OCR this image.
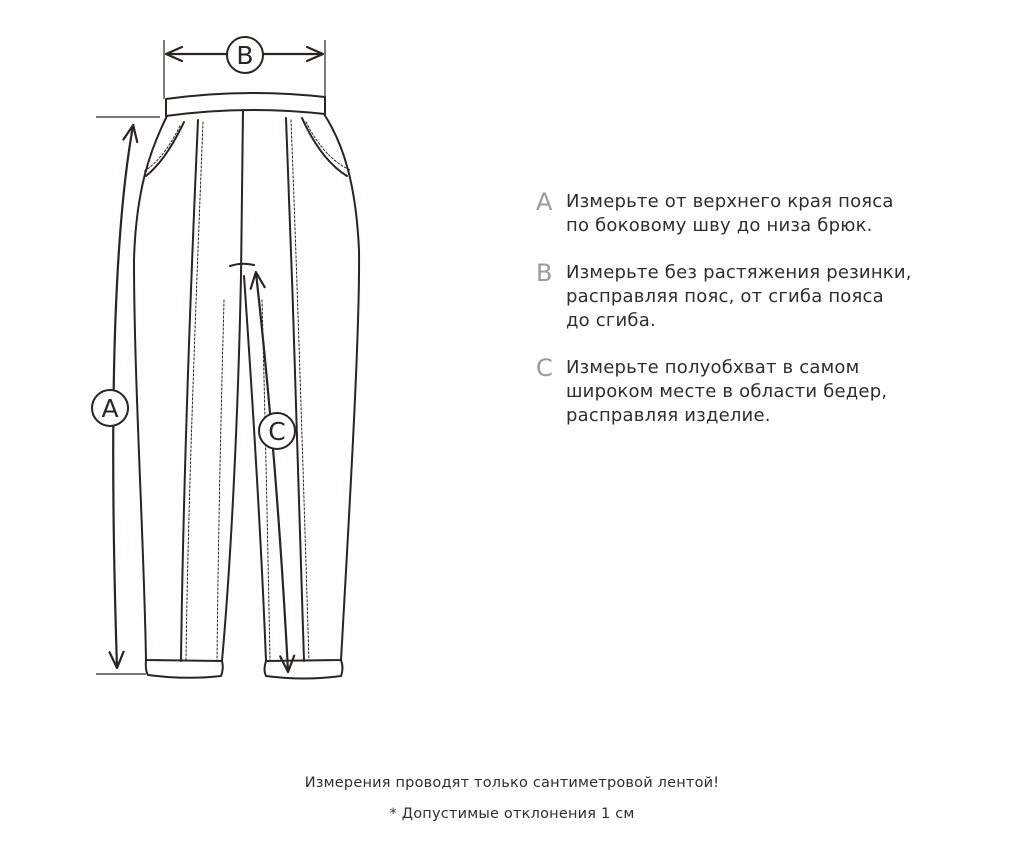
B
A
C
A Измерьте от верхнего края пояса
по боковому шву до низа брюк.
B Измерьте без растяжения резинки,
расправляя пояс, от сгиба пояса
до сгиба.
C Измерьте полуобхват в самом
широком месте в области бедер,
расправляя изделие.
Измерения проводят только сантиметровой лентой!
* Допустимые отклонения 1 см
